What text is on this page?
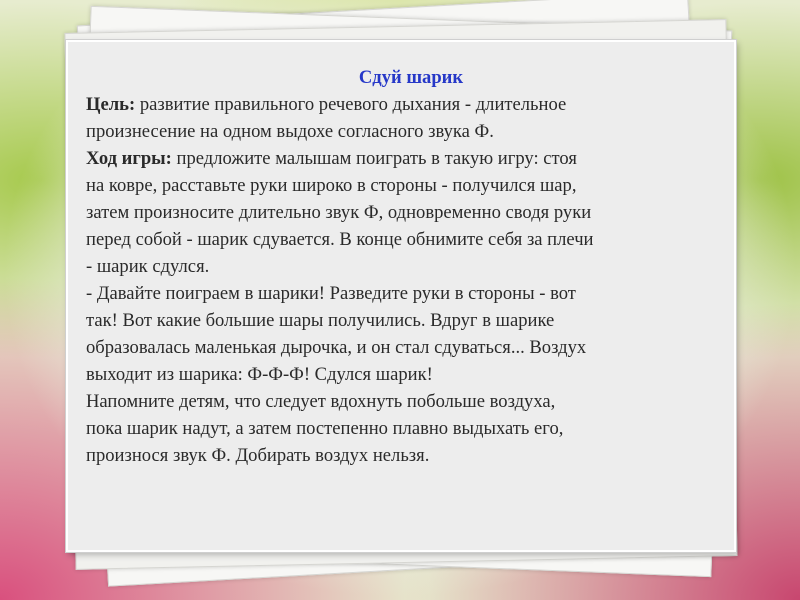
Сдуй шарик
Цель: развитие правильного речевого дыхания - длительное
произнесение на одном выдохе согласного звука Ф.
Ход игры: предложите малышам поиграть в такую игру: стоя
на ковре, расставьте руки широко в стороны - получился шар,
затем произносите длительно звук Ф, одновременно сводя руки
перед собой - шарик сдувается. В конце обнимите себя за плечи
- шарик сдулся.
- Давайте поиграем в шарики! Разведите руки в стороны - вот
так! Вот какие большие шары получились. Вдруг в шарике
образовалась маленькая дырочка, и он стал сдуваться... Воздух
выходит из шарика: Ф-Ф-Ф! Сдулся шарик!
Напомните детям, что следует вдохнуть побольше воздуха,
пока шарик надут, а затем постепенно плавно выдыхать его,
произнося звук Ф. Добирать воздух нельзя.
